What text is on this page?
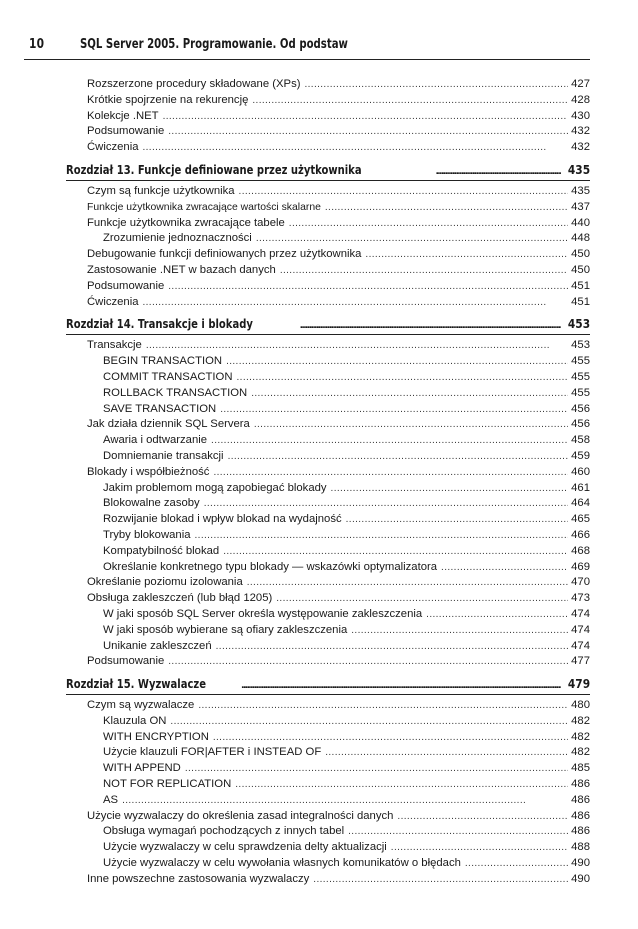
10	SQL Server 2005. Programowanie. Od podstaw
Rozszerzone procedury składowane (XPs) . . .	427
Krótkie spojrzenie na rekurencję . . .	428
Kolekcje .NET . . .	430
Podsumowanie . . .	432
Ćwiczenia . . .	432
Rozdział 13. Funkcje definiowane przez użytkownika .....	435
Czym są funkcje użytkownika . . .	435
Funkcje użytkownika zwracające wartości skalarne . . .	437
Funkcje użytkownika zwracające tabele . . .	440
Zrozumienie jednoznaczności . . .	448
Debugowanie funkcji definiowanych przez użytkownika . . .	450
Zastosowanie .NET w bazach danych . . .	450
Podsumowanie . . .	451
Ćwiczenia . . .	451
Rozdział 14. Transakcje i blokady .....	453
Transakcje . . .	453
BEGIN TRANSACTION . . .	455
COMMIT TRANSACTION . . .	455
ROLLBACK TRANSACTION . . .	455
SAVE TRANSACTION . . .	456
Jak działa dziennik SQL Servera . . .	456
Awaria i odtwarzanie . . .	458
Domniemanie transakcji . . .	459
Blokady i współbieżność . . .	460
Jakim problemom mogą zapobiegać blokady . . .	461
Blokowalne zasoby . . .	464
Rozwijanie blokad i wpływ blokad na wydajność . . .	465
Tryby blokowania . . .	466
Kompatybilność blokad . . .	468
Określanie konkretnego typu blokady — wskazówki optymalizatora . . .	469
Określanie poziomu izolowania . . .	470
Obsługa zakleszczeń (lub błąd 1205) . . .	473
W jaki sposób SQL Server określa występowanie zakleszczenia . . .	474
W jaki sposób wybierane są ofiary zakleszczenia . . .	474
Unikanie zakleszczeń . . .	474
Podsumowanie . . .	477
Rozdział 15. Wyzwalacze .....	479
Czym są wyzwalacze . . .	480
Klauzula ON . . .	482
WITH ENCRYPTION . . .	482
Użycie klauzuli FOR|AFTER i INSTEAD OF . . .	482
WITH APPEND . . .	485
NOT FOR REPLICATION . . .	486
AS . . .	486
Użycie wyzwalaczy do określenia zasad integralności danych . . .	486
Obsługa wymagań pochodzących z innych tabel . . .	486
Użycie wyzwalaczy w celu sprawdzenia delty aktualizacji . . .	488
Użycie wyzwalaczy w celu wywołania własnych komunikatów o błędach . . .	490
Inne powszechne zastosowania wyzwalaczy . . .	490
